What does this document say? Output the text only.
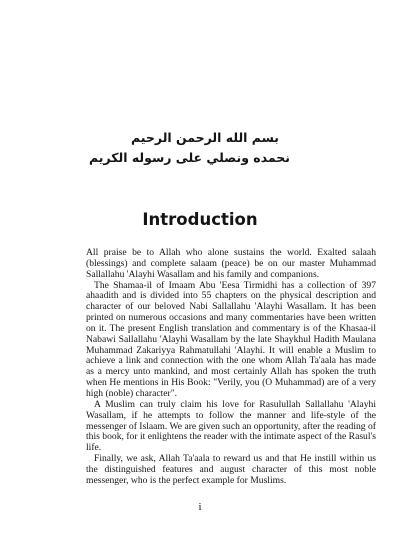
بسم الله الرحمن الرحيم
نحمده ونصلي على رسوله الكريم
Introduction

All praise be to Allah who alone sustains the world. Exalted salaah (blessings) and complete salaam (peace) be on our master Muhammad Sallallahu 'Alayhi Wasallam and his family and companions.

The Shamaa-il of Imaam Abu 'Eesa Tirmidhi has a collection of 397 ahaadith and is divided into 55 chapters on the physical description and character of our beloved Nabi Sallallahu 'Alayhi Wasallam. It has been printed on numerous occasions and many commentaries have been written on it. The present English translation and commentary is of the Khasaa-il Nabawi Sallallahu 'Alayhi Wasallam by the late Shaykhul Hadith Maulana Muhammad Zakariyya Rahmatullahi 'Alayhi. It will enable a Muslim to achieve a link and connection with the one whom Allah Ta'aala has made as a mercy unto mankind, and most certainly Allah has spoken the truth when He mentions in His Book: "Verily, you (O Muhammad) are of a very high (noble) character".

A Muslim can truly claim his love for Rasulullah Sallallahu 'Alayhi Wasallam, if he attempts to follow the manner and life-style of the messenger of Islaam. We are given such an opportunity, after the reading of this book, for it enlightens the reader with the intimate aspect of the Rasul's life.

Finally, we ask, Allah Ta'aala to reward us and that He instill within us the distinguished features and august character of this most noble messenger, who is the perfect example for Muslims.

i
